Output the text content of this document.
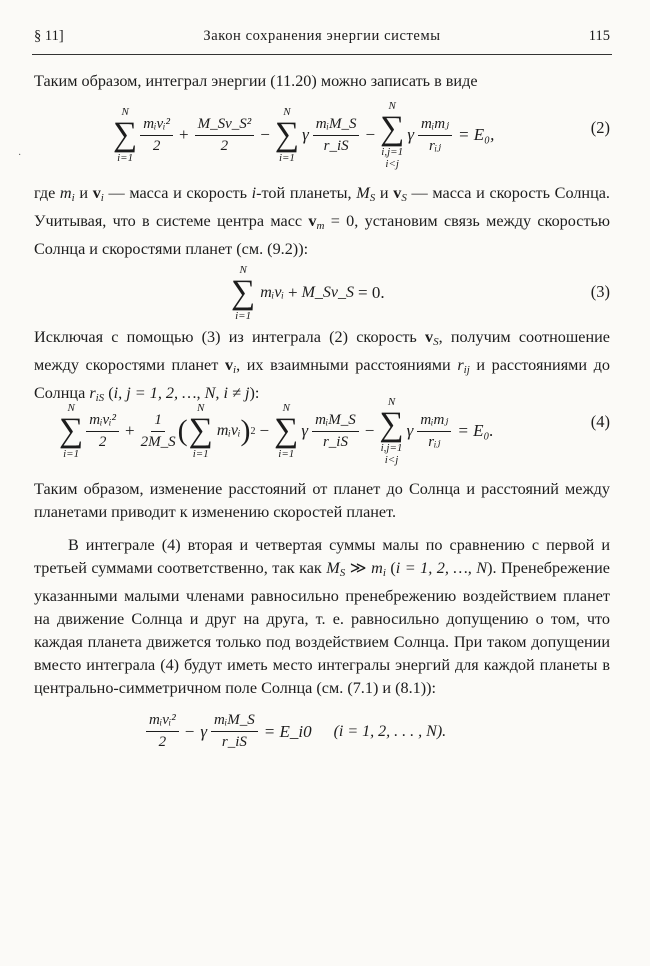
§ 11]	Закон сохранения энергии системы	115
Таким образом, интеграл энергии (11.20) можно записать в виде
N
∑
i=1
$\frac{\text{mᵢvᵢ²}}{2} + \frac{\text{M\_Sv\_S²}}{2}$ −
N
∑
i=1
γ $\frac{\text{mᵢM\_S}}{r\_iS}$ −
N
∑
i,j=1
i<j
γ $\frac{\text{mᵢmⱼ}}{\text{rᵢⱼ}} = E_0$,	(2)
·
где $m_i$ и $v_i$ — масса и скорость i-той планеты, $M_S$ и $v_S$ — масса и скорость Солнца. Учитывая, что в системе центра масс $v_m = 0$, установим связь между скоростью Солнца и скоростями планет (см. (9.2)):
N
∑
i=1
mᵢvᵢ + M_Sv_S = 0.	(3)
Исключая с помощью (3) из интеграла (2) скорость $v_S$, получим соотношение между скоростями планет $v_i$, их взаимными расстояниями $r_{ij}$ и расстояниями до Солнца $r_{iS}$ (i, j = 1, 2, …, N, i ≠ j):
N
∑
i=1
$\frac{\text{mᵢvᵢ²}}{2} + \frac{1}{2M\_S}$ (
N
∑
i=1
mᵢvᵢ ) 2 −
N
∑
i=1
γ $\frac{\text{mᵢM\_S}}{r\_iS}$ −
N
∑
i,j=1
i<j
γ $\frac{\text{mᵢmⱼ}}{\text{rᵢⱼ}} = E_0$.	(4)
Таким образом, изменение расстояний от планет до Солнца и расстояний между планетами приводит к изменению скоростей планет.
В интеграле (4) вторая и четвертая суммы малы по сравнению с первой и третьей суммами соответственно, так как $M_S$ ≫ $m_i$ (i = 1, 2, …, N). Пренебрежение указанными малыми членами равносильно пренебрежению воздействием планет на движение Солнца и друг на друга, т. е. равносильно допущению о том, что каждая планета движется только под воздействием Солнца. При таком допущении вместо интеграла (4) будут иметь место интегралы энергий для каждой планеты в центрально-симметричном поле Солнца (см. (7.1) и (8.1)):
$\frac{\text{mᵢvᵢ²}}{2} - \gamma \frac{\text{mᵢM\_S}}{r\_iS}$ = E_i0 (i = 1, 2, . . . , N).
